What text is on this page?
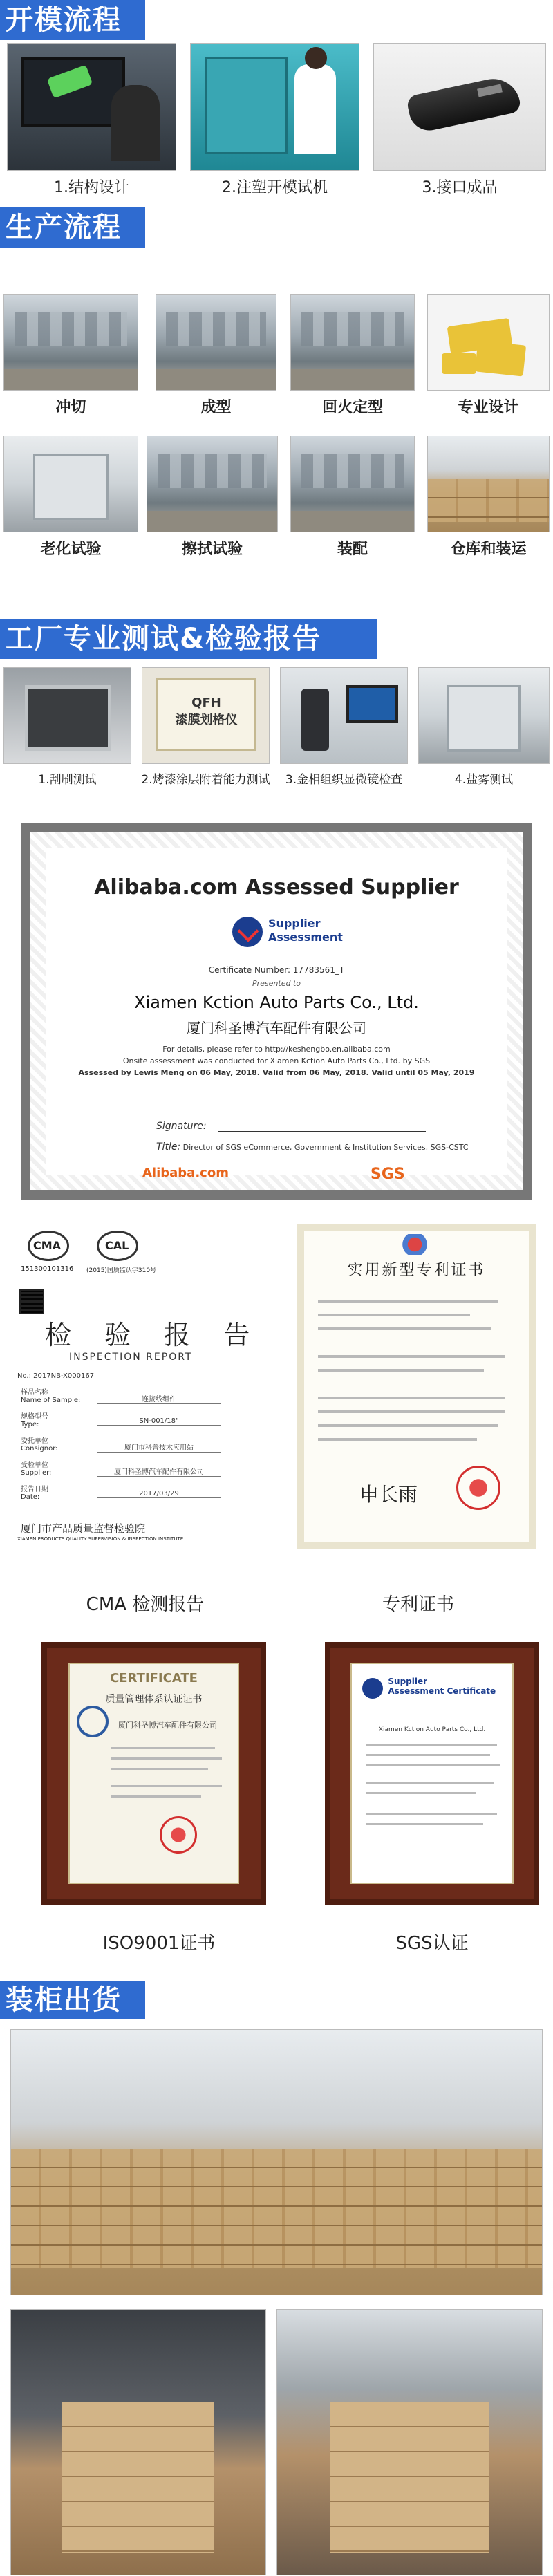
开模流程
1.结构设计	2.注塑开模试机	3.接口成品
生产流程
冲切	成型	回火定型	专业设计
老化试验	擦拭试验	装配	仓库和装运
工厂专业测试&检验报告
QFH
漆膜划格仪
1.刮刷测试	2.烤漆涂层附着能力测试	3.金相组织显微镜检查	4.盐雾测试
Alibaba.com Assessed Supplier
Supplier
Assessment
Certificate Number: 17783561_T
Presented to
Xiamen Kction Auto Parts Co., Ltd.
厦门科圣博汽车配件有限公司
For details, please refer to http://keshengbo.en.alibaba.com
Onsite assessment was conducted for Xiamen Kction Auto Parts Co., Ltd. by SGS
Assessed by Lewis Meng on 06 May, 2018. Valid from 06 May, 2018. Valid until 05 May, 2019
Signature:
Title: Director of SGS eCommerce, Government & Institution Services, SGS-CSTC
Alibaba.com	SGS
CMA
151300101316
CAL
(2015)国质监认字310号
检 验 报 告
INSPECTION REPORT
No.: 2017NB-X000167
样品名称
Name of Sample:	连接线组件
规格型号
Type:	SN-001/18"
委托单位
Consignor:	厦门市科普技术应用站
受检单位
Supplier:	厦门科圣博汽车配件有限公司
报告日期
Date:	2017/03/29
厦门市产品质量监督检验院
XIAMEN PRODUCTS QUALITY SUPERVISION & INSPECTION INSTITUTE
CMA 检测报告
实用新型专利证书
申长雨
专利证书
CERTIFICATE
质量管理体系认证证书
厦门科圣博汽车配件有限公司
ISO9001证书
Supplier
Assessment Certificate
Xiamen Kction Auto Parts Co., Ltd.
SGS认证
装柜出货
